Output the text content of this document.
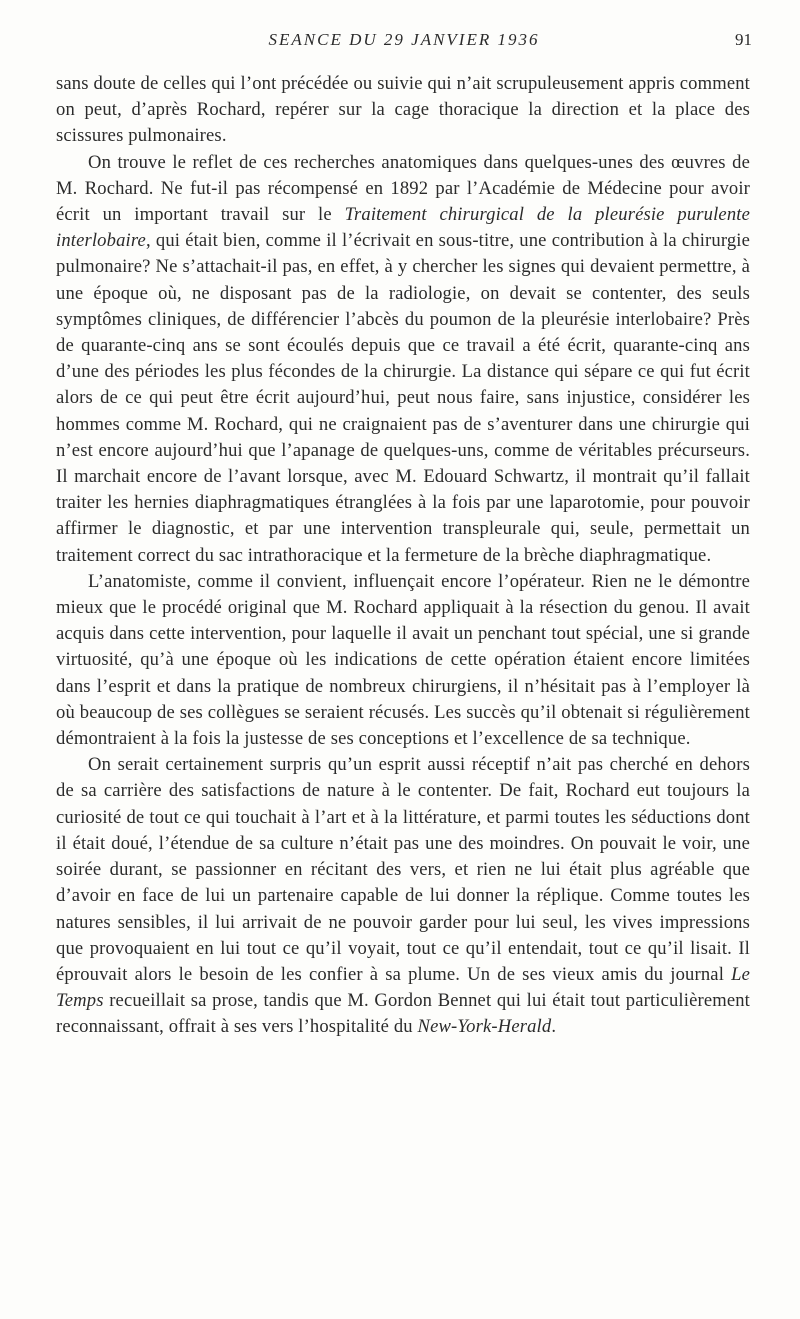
SEANCE DU 29 JANVIER 1936	91

sans doute de celles qui l’ont précédée ou suivie qui n’ait scrupuleusement appris comment on peut, d’après Rochard, repérer sur la cage thoracique la direction et la place des scissures pulmonaires.

On trouve le reflet de ces recherches anatomiques dans quelques-unes des œuvres de M. Rochard. Ne fut-il pas récompensé en 1892 par l’Académie de Médecine pour avoir écrit un important travail sur le Traitement chirurgical de la pleurésie purulente interlobaire, qui était bien, comme il l’écrivait en sous-titre, une contribution à la chirurgie pulmonaire? Ne s’attachait-il pas, en effet, à y chercher les signes qui devaient permettre, à une époque où, ne disposant pas de la radiologie, on devait se contenter, des seuls symptômes cliniques, de différencier l’abcès du poumon de la pleurésie interlobaire? Près de quarante-cinq ans se sont écoulés depuis que ce travail a été écrit, quarante-cinq ans d’une des périodes les plus fécondes de la chirurgie. La distance qui sépare ce qui fut écrit alors de ce qui peut être écrit aujourd’hui, peut nous faire, sans injustice, considérer les hommes comme M. Rochard, qui ne craignaient pas de s’aventurer dans une chirurgie qui n’est encore aujourd’hui que l’apanage de quelques-uns, comme de véritables précurseurs. Il marchait encore de l’avant lorsque, avec M. Edouard Schwartz, il montrait qu’il fallait traiter les hernies diaphragmatiques étranglées à la fois par une laparotomie, pour pouvoir affirmer le diagnostic, et par une intervention transpleurale qui, seule, permettait un traitement correct du sac intrathoracique et la fermeture de la brèche diaphragmatique.

L’anatomiste, comme il convient, influençait encore l’opérateur. Rien ne le démontre mieux que le procédé original que M. Rochard appliquait à la résection du genou. Il avait acquis dans cette intervention, pour laquelle il avait un penchant tout spécial, une si grande virtuosité, qu’à une époque où les indications de cette opération étaient encore limitées dans l’esprit et dans la pratique de nombreux chirurgiens, il n’hésitait pas à l’employer là où beaucoup de ses collègues se seraient récusés. Les succès qu’il obtenait si régulièrement démontraient à la fois la justesse de ses conceptions et l’excellence de sa technique.

On serait certainement surpris qu’un esprit aussi réceptif n’ait pas cherché en dehors de sa carrière des satisfactions de nature à le contenter. De fait, Rochard eut toujours la curiosité de tout ce qui touchait à l’art et à la littérature, et parmi toutes les séductions dont il était doué, l’étendue de sa culture n’était pas une des moindres. On pouvait le voir, une soirée durant, se passionner en récitant des vers, et rien ne lui était plus agréable que d’avoir en face de lui un partenaire capable de lui donner la réplique. Comme toutes les natures sensibles, il lui arrivait de ne pouvoir garder pour lui seul, les vives impressions que provoquaient en lui tout ce qu’il voyait, tout ce qu’il entendait, tout ce qu’il lisait. Il éprouvait alors le besoin de les confier à sa plume. Un de ses vieux amis du journal Le Temps recueillait sa prose, tandis que M. Gordon Bennet qui lui était tout particulièrement reconnaissant, offrait à ses vers l’hospitalité du New-York-Herald.
